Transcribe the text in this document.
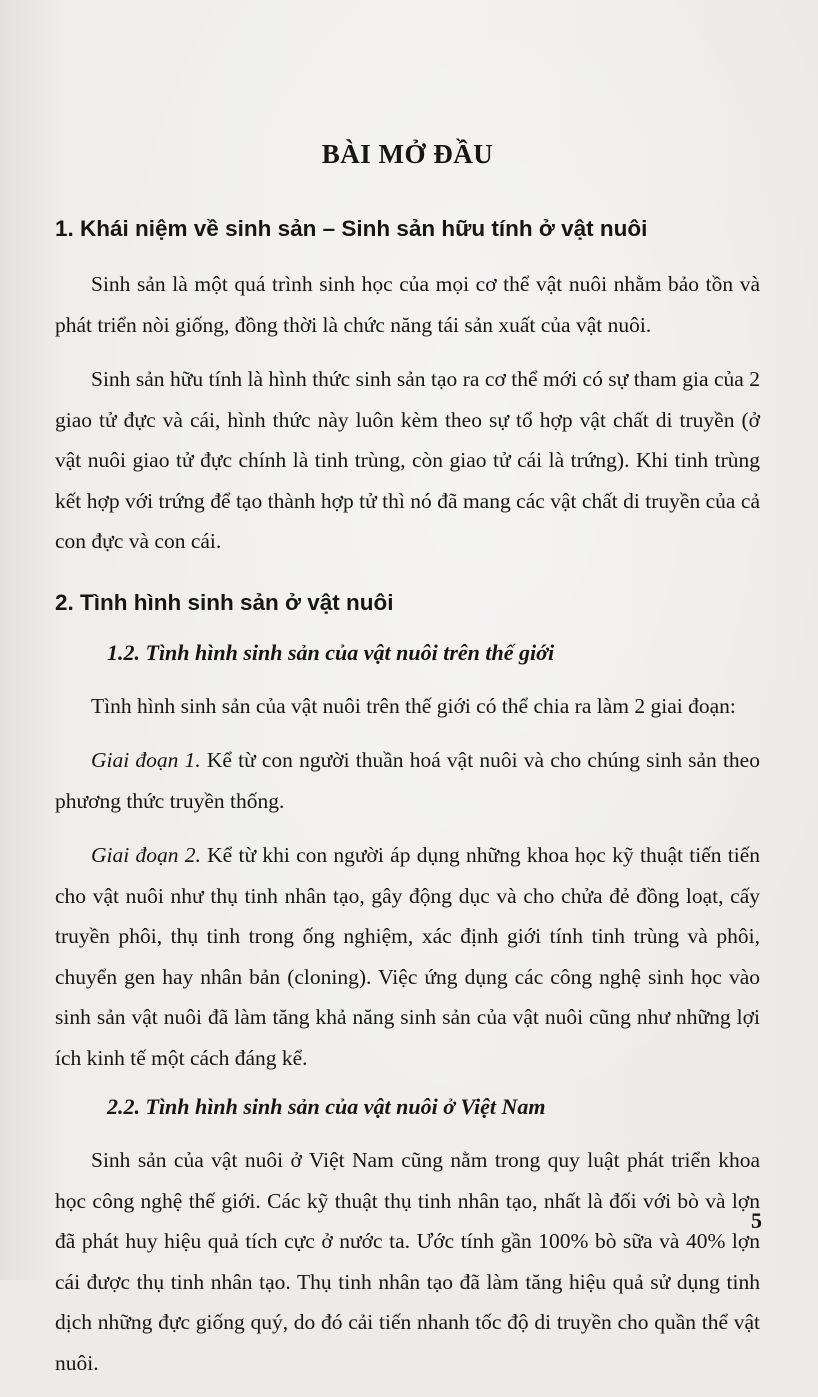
BÀI MỞ ĐẦU
1. Khái niệm về sinh sản – Sinh sản hữu tính ở vật nuôi

Sinh sản là một quá trình sinh học của mọi cơ thể vật nuôi nhằm bảo tồn và phát triển nòi giống, đồng thời là chức năng tái sản xuất của vật nuôi.

Sinh sản hữu tính là hình thức sinh sản tạo ra cơ thể mới có sự tham gia của 2 giao tử đực và cái, hình thức này luôn kèm theo sự tổ hợp vật chất di truyền (ở vật nuôi giao tử đực chính là tinh trùng, còn giao tử cái là trứng). Khi tinh trùng kết hợp với trứng để tạo thành hợp tử thì nó đã mang các vật chất di truyền của cả con đực và con cái.

2. Tình hình sinh sản ở vật nuôi
1.2. Tình hình sinh sản của vật nuôi trên thế giới

Tình hình sinh sản của vật nuôi trên thế giới có thể chia ra làm 2 giai đoạn:

Giai đoạn 1. Kể từ con người thuần hoá vật nuôi và cho chúng sinh sản theo phương thức truyền thống.

Giai đoạn 2. Kể từ khi con người áp dụng những khoa học kỹ thuật tiến tiến cho vật nuôi như thụ tinh nhân tạo, gây động dục và cho chửa đẻ đồng loạt, cấy truyền phôi, thụ tinh trong ống nghiệm, xác định giới tính tinh trùng và phôi, chuyển gen hay nhân bản (cloning). Việc ứng dụng các công nghệ sinh học vào sinh sản vật nuôi đã làm tăng khả năng sinh sản của vật nuôi cũng như những lợi ích kinh tế một cách đáng kể.

2.2. Tình hình sinh sản của vật nuôi ở Việt Nam

Sinh sản của vật nuôi ở Việt Nam cũng nằm trong quy luật phát triển khoa học công nghệ thế giới. Các kỹ thuật thụ tinh nhân tạo, nhất là đối với bò và lợn đã phát huy hiệu quả tích cực ở nước ta. Ước tính gần 100% bò sữa và 40% lợn cái được thụ tinh nhân tạo. Thụ tinh nhân tạo đã làm tăng hiệu quả sử dụng tinh dịch những đực giống quý, do đó cải tiến nhanh tốc độ di truyền cho quần thể vật nuôi.

5
